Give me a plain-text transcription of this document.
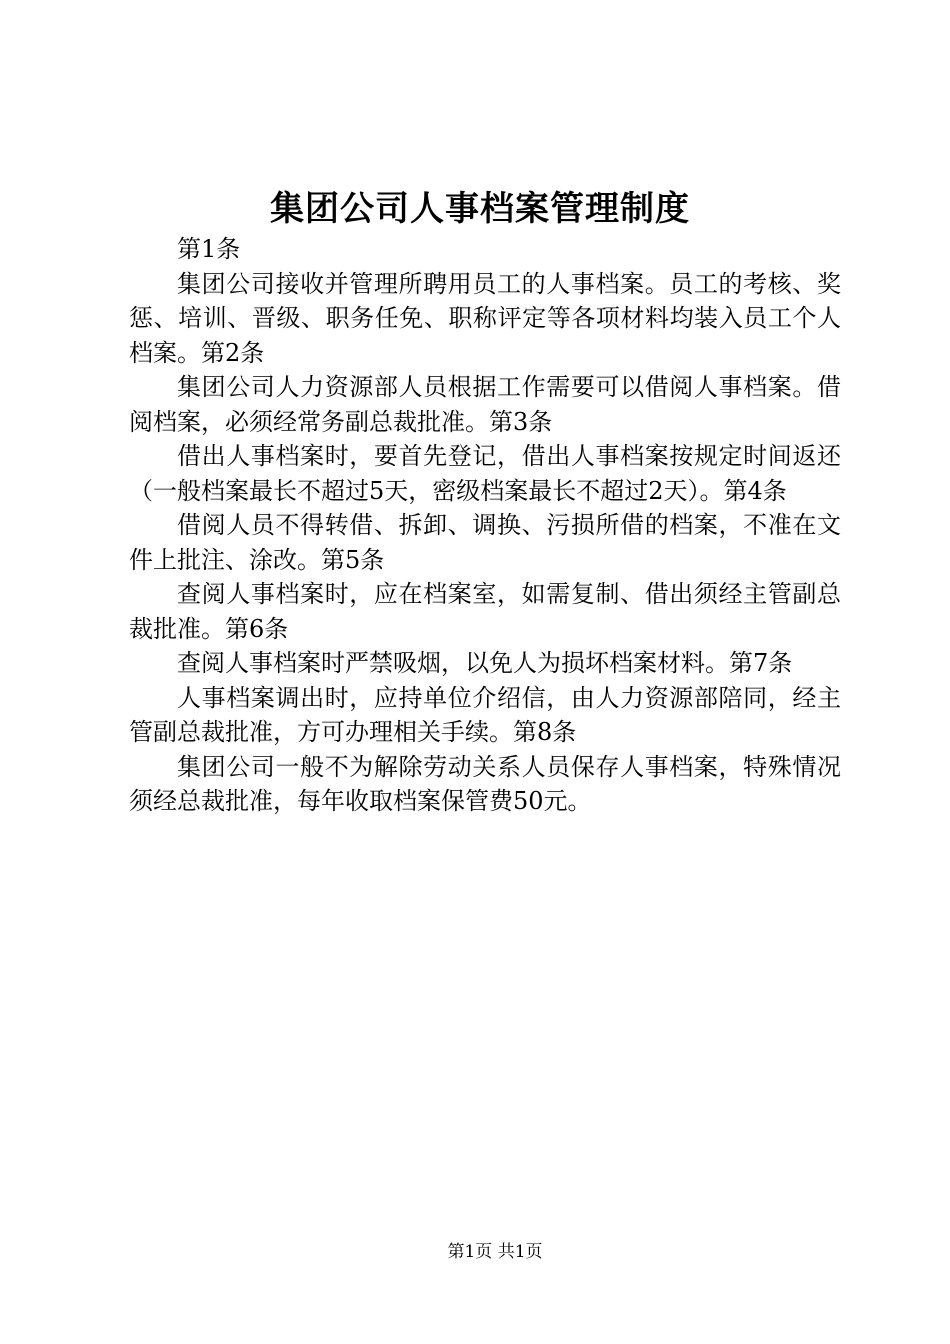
集团公司人事档案管理制度

第1条

集团公司接收并管理所聘用员工的人事档案。员工的考核、奖惩、培训、晋级、职务任免、职称评定等各项材料均装入员工个人档案。第2条

集团公司人力资源部人员根据工作需要可以借阅人事档案。借阅档案，必须经常务副总裁批准。第3条

借出人事档案时，要首先登记，借出人事档案按规定时间返还（一般档案最长不超过5天，密级档案最长不超过2天）。第4条

借阅人员不得转借、拆卸、调换、污损所借的档案，不准在文件上批注、涂改。第5条

查阅人事档案时，应在档案室，如需复制、借出须经主管副总裁批准。第6条

查阅人事档案时严禁吸烟，以免人为损坏档案材料。第7条

人事档案调出时，应持单位介绍信，由人力资源部陪同，经主管副总裁批准，方可办理相关手续。第8条

集团公司一般不为解除劳动关系人员保存人事档案，特殊情况须经总裁批准，每年收取档案保管费50元。

第1页 共1页
